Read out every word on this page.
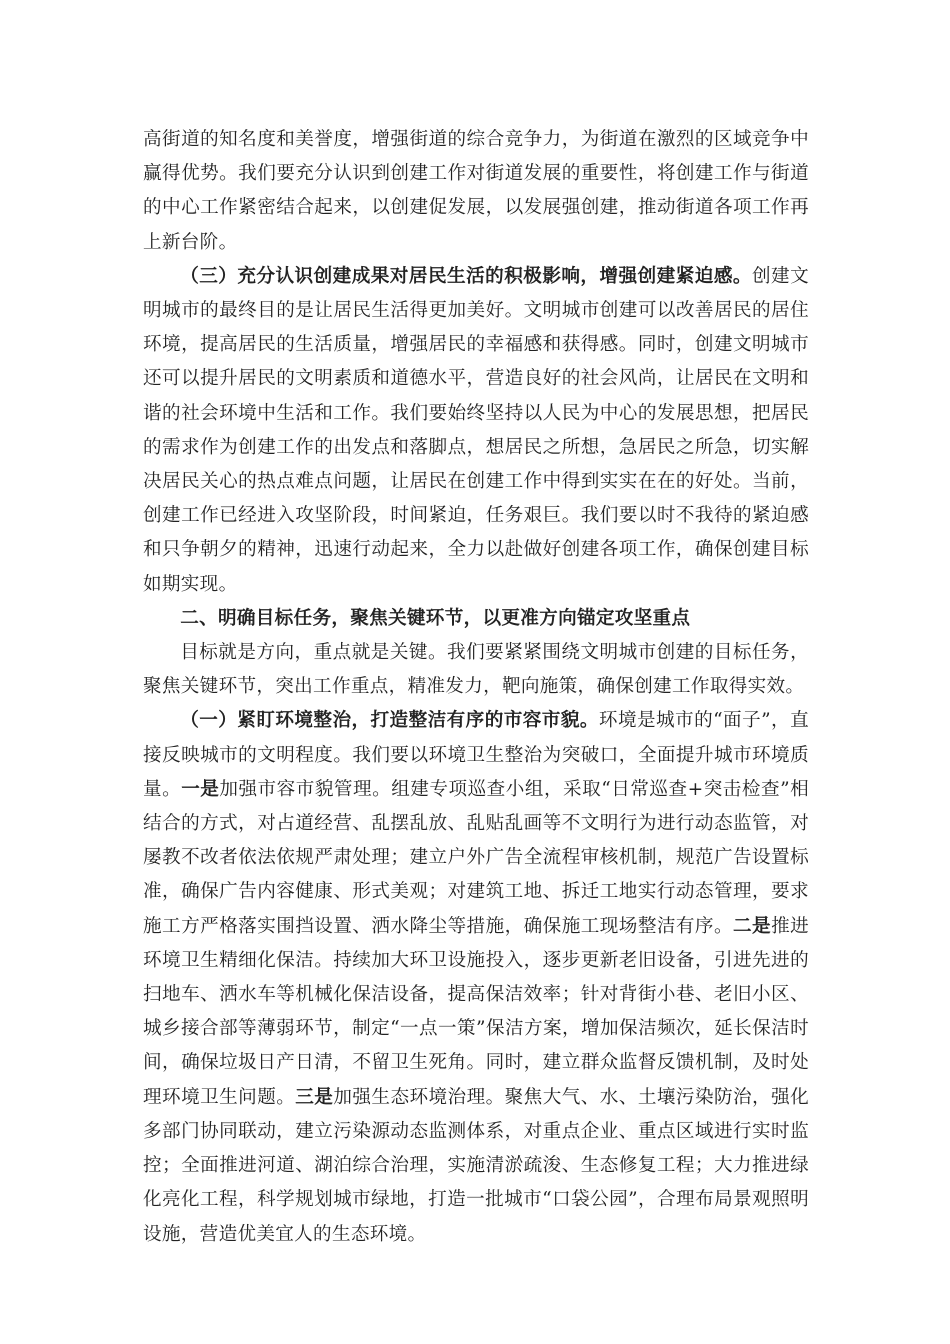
高街道的知名度和美誉度，增强街道的综合竞争力，为街道在激烈的区域竞争中赢得优势。我们要充分认识到创建工作对街道发展的重要性，将创建工作与街道的中心工作紧密结合起来，以创建促发展，以发展强创建，推动街道各项工作再上新台阶。

（三）充分认识创建成果对居民生活的积极影响，增强创建紧迫感。创建文明城市的最终目的是让居民生活得更加美好。文明城市创建可以改善居民的居住环境，提高居民的生活质量，增强居民的幸福感和获得感。同时，创建文明城市还可以提升居民的文明素质和道德水平，营造良好的社会风尚，让居民在文明和谐的社会环境中生活和工作。我们要始终坚持以人民为中心的发展思想，把居民的需求作为创建工作的出发点和落脚点，想居民之所想，急居民之所急，切实解决居民关心的热点难点问题，让居民在创建工作中得到实实在在的好处。当前，创建工作已经进入攻坚阶段，时间紧迫，任务艰巨。我们要以时不我待的紧迫感和只争朝夕的精神，迅速行动起来，全力以赴做好创建各项工作，确保创建目标如期实现。

二、明确目标任务，聚焦关键环节，以更准方向锚定攻坚重点

目标就是方向，重点就是关键。我们要紧紧围绕文明城市创建的目标任务，聚焦关键环节，突出工作重点，精准发力，靶向施策，确保创建工作取得实效。

（一）紧盯环境整治，打造整洁有序的市容市貌。环境是城市的“面子”，直接反映城市的文明程度。我们要以环境卫生整治为突破口，全面提升城市环境质量。一是加强市容市貌管理。组建专项巡查小组，采取“日常巡查+突击检查”相结合的方式，对占道经营、乱摆乱放、乱贴乱画等不文明行为进行动态监管，对屡教不改者依法依规严肃处理；建立户外广告全流程审核机制，规范广告设置标准，确保广告内容健康、形式美观；对建筑工地、拆迁工地实行动态管理，要求施工方严格落实围挡设置、洒水降尘等措施，确保施工现场整洁有序。二是推进环境卫生精细化保洁。持续加大环卫设施投入，逐步更新老旧设备，引进先进的扫地车、洒水车等机械化保洁设备，提高保洁效率；针对背街小巷、老旧小区、城乡接合部等薄弱环节，制定“一点一策”保洁方案，增加保洁频次，延长保洁时间，确保垃圾日产日清，不留卫生死角。同时，建立群众监督反馈机制，及时处理环境卫生问题。三是加强生态环境治理。聚焦大气、水、土壤污染防治，强化多部门协同联动，建立污染源动态监测体系，对重点企业、重点区域进行实时监控；全面推进河道、湖泊综合治理，实施清淤疏浚、生态修复工程；大力推进绿化亮化工程，科学规划城市绿地，打造一批城市“口袋公园”，合理布局景观照明设施，营造优美宜人的生态环境。
